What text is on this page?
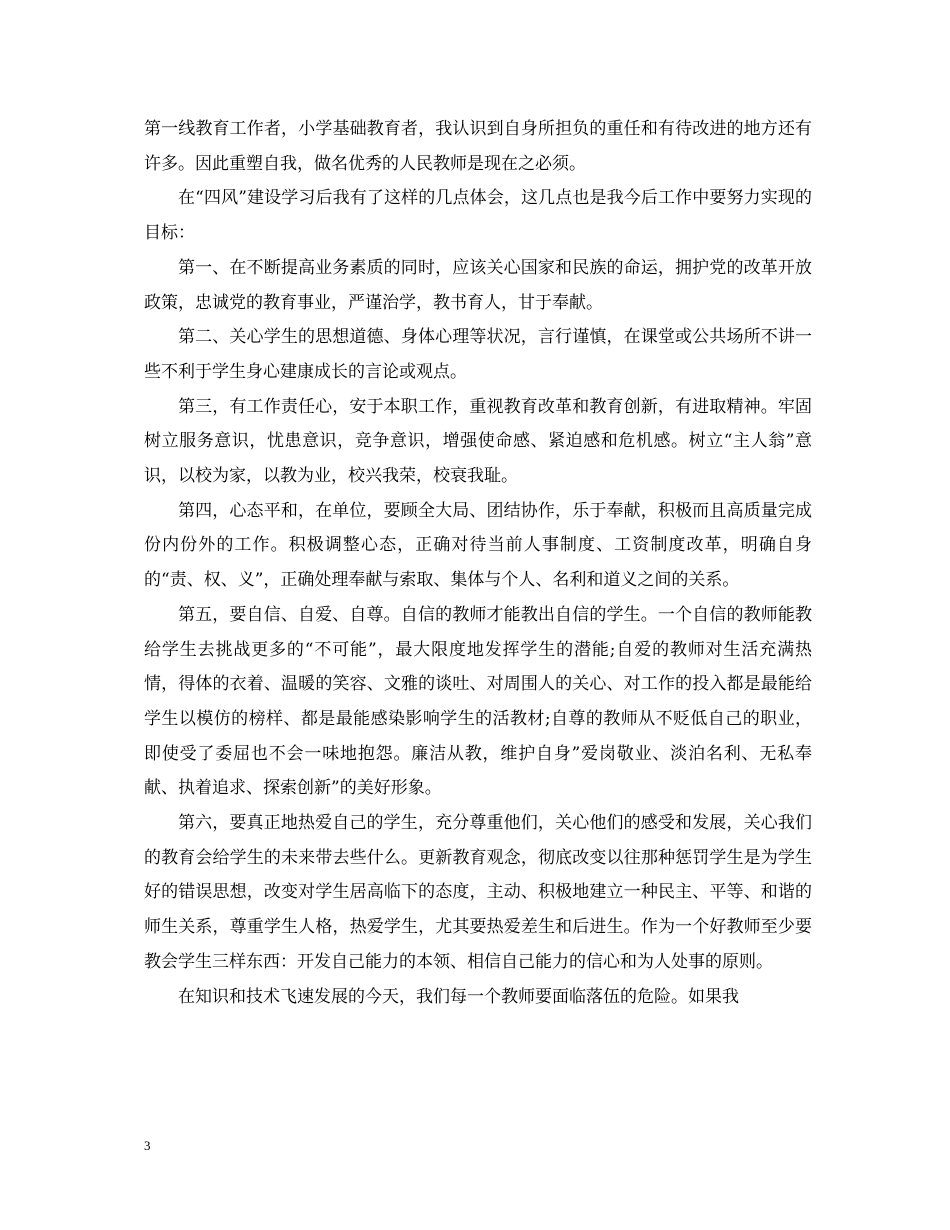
第一线教育工作者，小学基础教育者，我认识到自身所担负的重任和有待改进的地方还有许多。因此重塑自我，做名优秀的人民教师是现在之必须。

在“四风”建设学习后我有了这样的几点体会，这几点也是我今后工作中要努力实现的目标：

第一、在不断提高业务素质的同时，应该关心国家和民族的命运，拥护党的改革开放政策，忠诚党的教育事业，严谨治学，教书育人，甘于奉献。

第二、关心学生的思想道德、身体心理等状况，言行谨慎，在课堂或公共场所不讲一些不利于学生身心建康成长的言论或观点。

第三，有工作责任心，安于本职工作，重视教育改革和教育创新，有进取精神。牢固树立服务意识，忧患意识，竞争意识，增强使命感、紧迫感和危机感。树立“主人翁”意识，以校为家，以教为业，校兴我荣，校衰我耻。

第四，心态平和，在单位，要顾全大局、团结协作，乐于奉献，积极而且高质量完成份内份外的工作。积极调整心态，正确对待当前人事制度、工资制度改革，明确自身的“责、权、义”，正确处理奉献与索取、集体与个人、名利和道义之间的关系。

第五，要自信、自爱、自尊。自信的教师才能教出自信的学生。一个自信的教师能教给学生去挑战更多的“不可能”，最大限度地发挥学生的潜能;自爱的教师对生活充满热情，得体的衣着、温暖的笑容、文雅的谈吐、对周围人的关心、对工作的投入都是最能给学生以模仿的榜样、都是最能感染影响学生的活教材;自尊的教师从不贬低自己的职业，即使受了委屈也不会一味地抱怨。廉洁从教，维护自身”爱岗敬业、淡泊名利、无私奉献、执着追求、探索创新”的美好形象。

第六，要真正地热爱自己的学生，充分尊重他们，关心他们的感受和发展，关心我们的教育会给学生的未来带去些什么。更新教育观念，彻底改变以往那种惩罚学生是为学生好的错误思想，改变对学生居高临下的态度，主动、积极地建立一种民主、平等、和谐的师生关系，尊重学生人格，热爱学生，尤其要热爱差生和后进生。作为一个好教师至少要教会学生三样东西：开发自己能力的本领、相信自己能力的信心和为人处事的原则。

在知识和技术飞速发展的今天，我们每一个教师要面临落伍的危险。如果我

3
